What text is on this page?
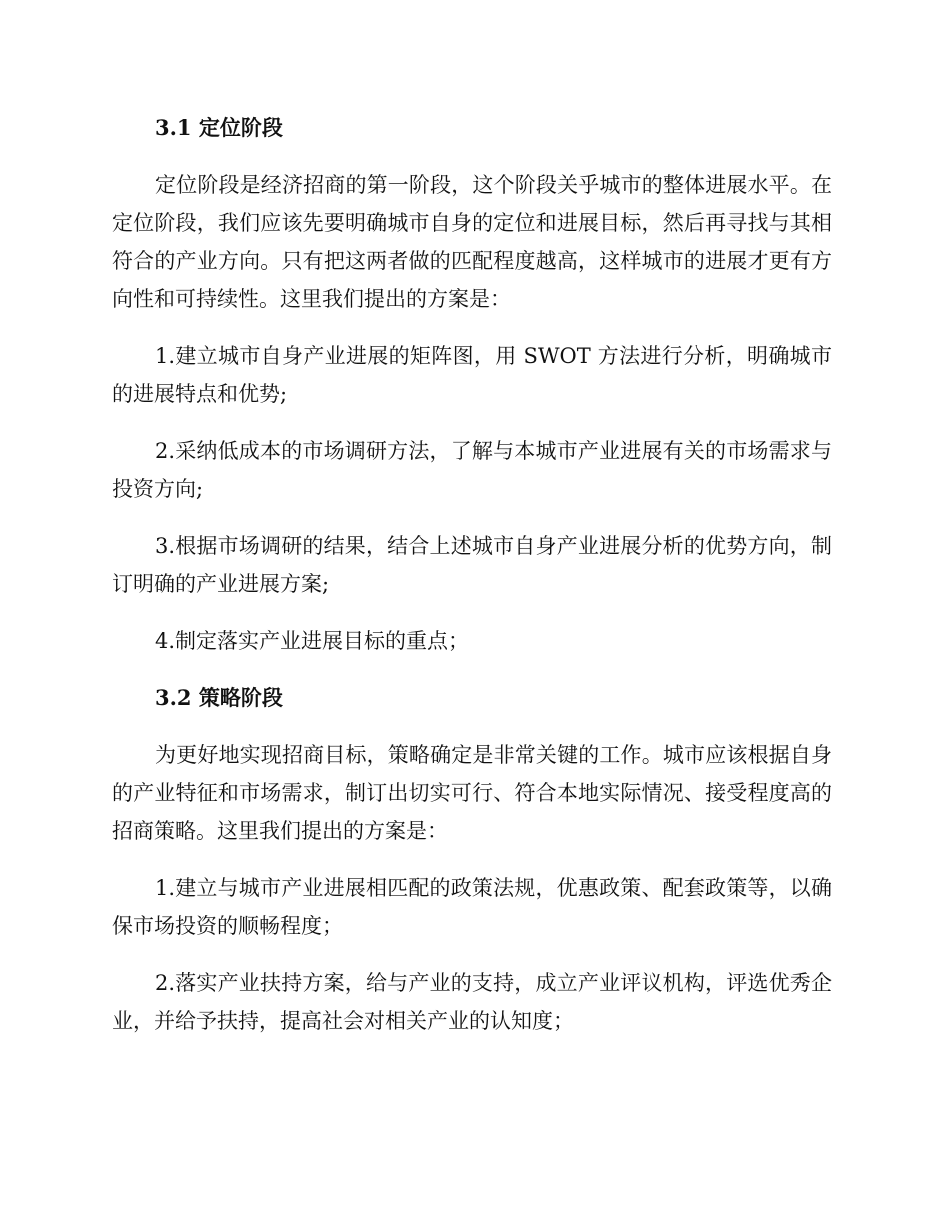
3.1 定位阶段

定位阶段是经济招商的第一阶段，这个阶段关乎城市的整体进展水平。在定位阶段，我们应该先要明确城市自身的定位和进展目标，然后再寻找与其相符合的产业方向。只有把这两者做的匹配程度越高，这样城市的进展才更有方向性和可持续性。这里我们提出的方案是：

1.建立城市自身产业进展的矩阵图，用 SWOT 方法进行分析，明确城市的进展特点和优势;

2.采纳低成本的市场调研方法，了解与本城市产业进展有关的市场需求与投资方向;

3.根据市场调研的结果，结合上述城市自身产业进展分析的优势方向，制订明确的产业进展方案;

4.制定落实产业进展目标的重点；

3.2 策略阶段

为更好地实现招商目标，策略确定是非常关键的工作。城市应该根据自身的产业特征和市场需求，制订出切实可行、符合本地实际情况、接受程度高的招商策略。这里我们提出的方案是：

1.建立与城市产业进展相匹配的政策法规，优惠政策、配套政策等，以确保市场投资的顺畅程度；

2.落实产业扶持方案，给与产业的支持，成立产业评议机构，评选优秀企业，并给予扶持，提高社会对相关产业的认知度；
